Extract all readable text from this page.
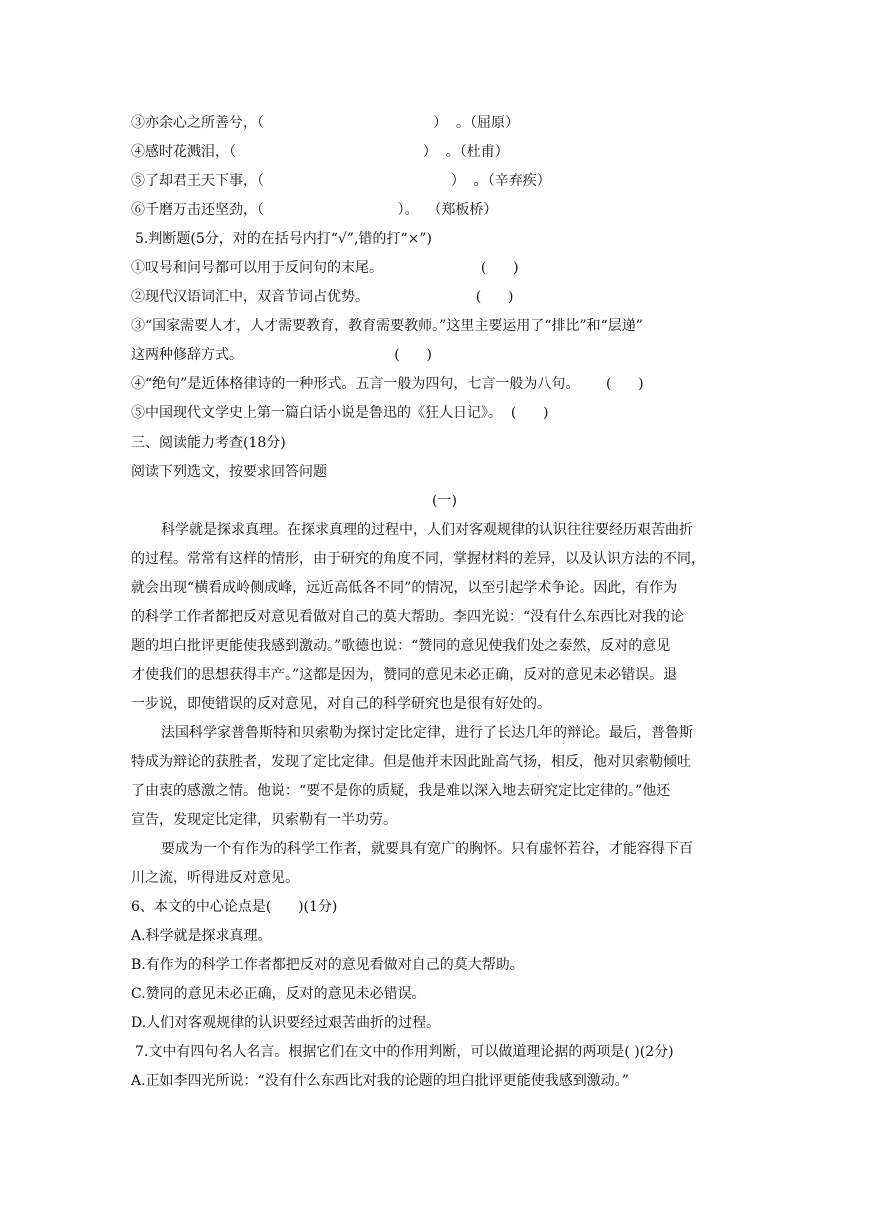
③亦余心之所善兮，（                                      ）  。（屈原）
④感时花溅泪，（                                          ）  。（杜甫）
⑤了却君王天下事，（                                          ）  。（辛弃疾）
⑥千磨万击还坚劲，（                              ）。  （郑板桥）
5.判断题(5分，对的在括号内打“√”,错的打“×”)
①叹号和问号都可以用于反问句的末尾。                      (      )
②现代汉语词汇中，双音节词占优势。                        (      )
③“国家需要人才，人才需要教育，教育需要教师。”这里主要运用了“排比”和“层递”
这两种修辞方式。                                  (      )
④“绝句”是近体格律诗的一种形式。五言一般为四句，七言一般为八句。      (      )
⑤中国现代文学史上第一篇白话小说是鲁迅的《狂人日记》。  (      )
三、阅读能力考查(18分)
阅读下列选文，按要求回答问题
(一)
科学就是探求真理。在探求真理的过程中，人们对客观规律的认识往往要经历艰苦曲折
的过程。常常有这样的情形，由于研究的角度不同，掌握材料的差异，以及认识方法的不同，
就会出现“横看成岭侧成峰，远近高低各不同”的情况，以至引起学术争论。因此，有作为
的科学工作者都把反对意见看做对自己的莫大帮助。李四光说：“没有什么东西比对我的论
题的坦白批评更能使我感到激动。”歌德也说：“赞同的意见使我们处之泰然，反对的意见
才使我们的思想获得丰产。”这都是因为，赞同的意见未必正确，反对的意见未必错误。退
一步说，即使错误的反对意见，对自己的科学研究也是很有好处的。
法国科学家普鲁斯特和贝索勒为探讨定比定律，进行了长达几年的辩论。最后，普鲁斯
特成为辩论的获胜者，发现了定比定律。但是他并未因此趾高气扬，相反，他对贝索勒倾吐
了由衷的感激之情。他说：“要不是你的质疑，我是难以深入地去研究定比定律的。”他还
宣告，发现定比定律，贝索勒有一半功劳。
要成为一个有作为的科学工作者，就要具有宽广的胸怀。只有虚怀若谷，才能容得下百
川之流，听得进反对意见。
6、本文的中心论点是(      )(1分)
A.科学就是探求真理。
B.有作为的科学工作者都把反对的意见看做对自己的莫大帮助。
C.赞同的意见未必正确，反对的意见未必错误。
D.人们对客观规律的认识要经过艰苦曲折的过程。
7.文中有四句名人名言。根据它们在文中的作用判断，可以做道理论据的两项是( )(2分)
A.正如李四光所说：“没有什么东西比对我的论题的坦白批评更能使我感到激动。”
